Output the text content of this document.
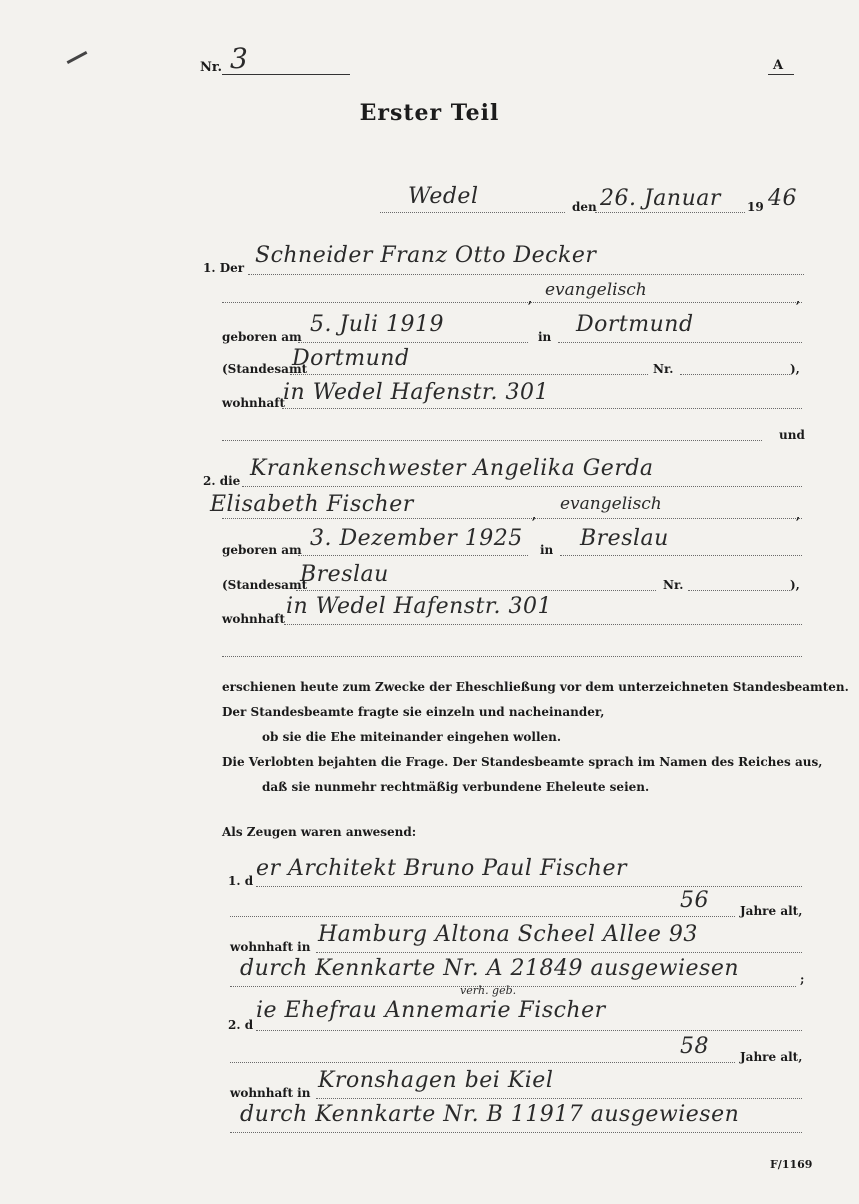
Nr. 3	A
Erster Teil
Wedel	den 26. Januar 19 46
1. Der Schneider Franz Otto Decker
evangelisch
,	,
geboren am 5. Juli 1919	in Dortmund
(Standesamt
Dortmund	Nr.	),
wohnhaft
in Wedel Hafenstr. 301
und
2. die Krankenschwester Angelika Gerda
Elisabeth Fischer	evangelisch
,	,
geboren am 3. Dezember 1925 in Breslau
(Standesamt
Breslau	Nr.	),
wohnhaft in Wedel Hafenstr. 301
erschienen heute zum Zwecke der Eheschließung vor dem unterzeichneten Standesbeamten.
Der Standesbeamte fragte sie einzeln und nacheinander,
ob sie die Ehe miteinander eingehen wollen.
Die Verlobten bejahten die Frage. Der Standesbeamte sprach im Namen des Reiches aus,
daß sie nunmehr rechtmäßig verbundene Eheleute seien.
Als Zeugen waren anwesend:
1. d er Architekt Bruno Paul Fischer
56	Jahre alt,
wohnhaft in Hamburg Altona Scheel Allee 93
durch Kennkarte Nr. A 21849 ausgewiesen	;
2. d
ie Ehefrau Annemarie Fischer
verh. geb.
58	Jahre alt,
wohnhaft in Kronshagen bei Kiel
durch Kennkarte Nr. B 11917 ausgewiesen
F/1169
